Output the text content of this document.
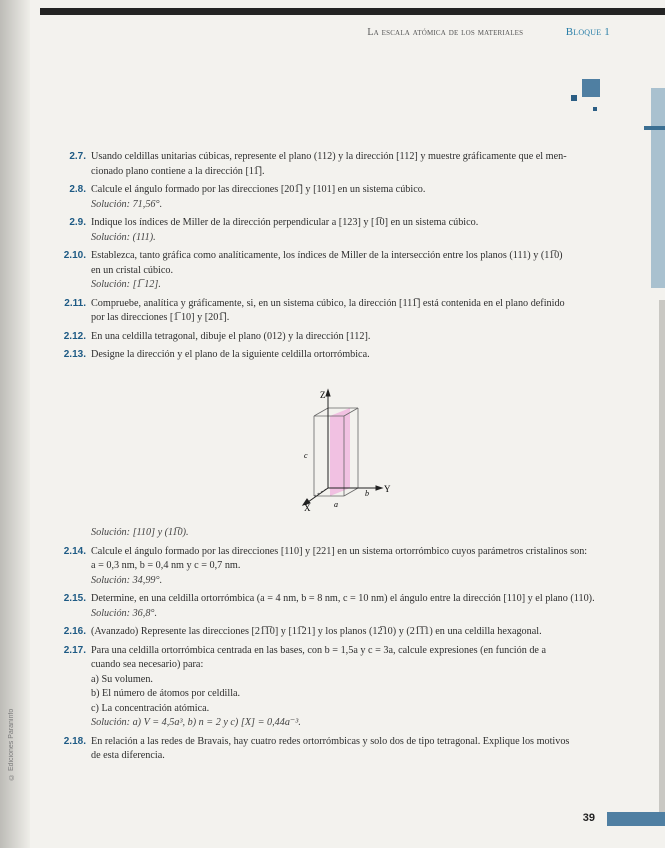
La escala atómica de los materiales	Bloque 1
2.7. Usando celdillas unitarias cúbicas, represente el plano (112) y la dirección [112] y muestre gráficamente que el men-
cionado plano contiene a la dirección [11̅].
2.8. Calcule el ángulo formado por las direcciones [201̅] y [101] en un sistema cúbico.
Solución: 71,56°.
2.9. Indique los índices de Miller de la dirección perpendicular a [123] y [1̅0] en un sistema cúbico.
Solución: (111).
2.10. Establezca, tanto gráfica como analíticamente, los índices de Miller de la intersección entre los planos (111) y (11̅0)
en un cristal cúbico.
Solución: [1̅ 12].
2.11. Compruebe, analítica y gráficamente, si, en un sistema cúbico, la dirección [111̅] está contenida en el plano definido
por las direcciones [1̅ 10] y [201̅].
2.12. En una celdilla tetragonal, dibuje el plano (012) y la dirección [112].
2.13. Designe la dirección y el plano de la siguiente celdilla ortorrómbica.
Z
X
Y
a
b
c
Solución: [110] y (11̅0).
2.14. Calcule el ángulo formado por las direcciones [110] y [221] en un sistema ortorrómbico cuyos parámetros cristalinos son:
a = 0,3 nm, b = 0,4 nm y c = 0,7 nm.
Solución: 34,99°.
2.15. Determine, en una celdilla ortorrómbica (a = 4 nm, b = 8 nm, c = 10 nm) el ángulo entre la dirección [110] y el plano (110).
Solución: 36,8°.
2.16. (Avanzado) Represente las direcciones [21̅1̅0] y [11̅21] y los planos (12̅10) y (21̅1̅1) en una celdilla hexagonal.
2.17. Para una celdilla ortorrómbica centrada en las bases, con b = 1,5a y c = 3a, calcule expresiones (en función de a
cuando sea necesario) para:
a) Su volumen.
b) El número de átomos por celdilla.
c) La concentración atómica.
Solución: a) V = 4,5a³, b) n = 2 y c) [X] = 0,44a⁻³.
2.18. En relación a las redes de Bravais, hay cuatro redes ortorrómbicas y solo dos de tipo tetragonal. Explique los motivos
de esta diferencia.
© Ediciones Paraninfo
39
